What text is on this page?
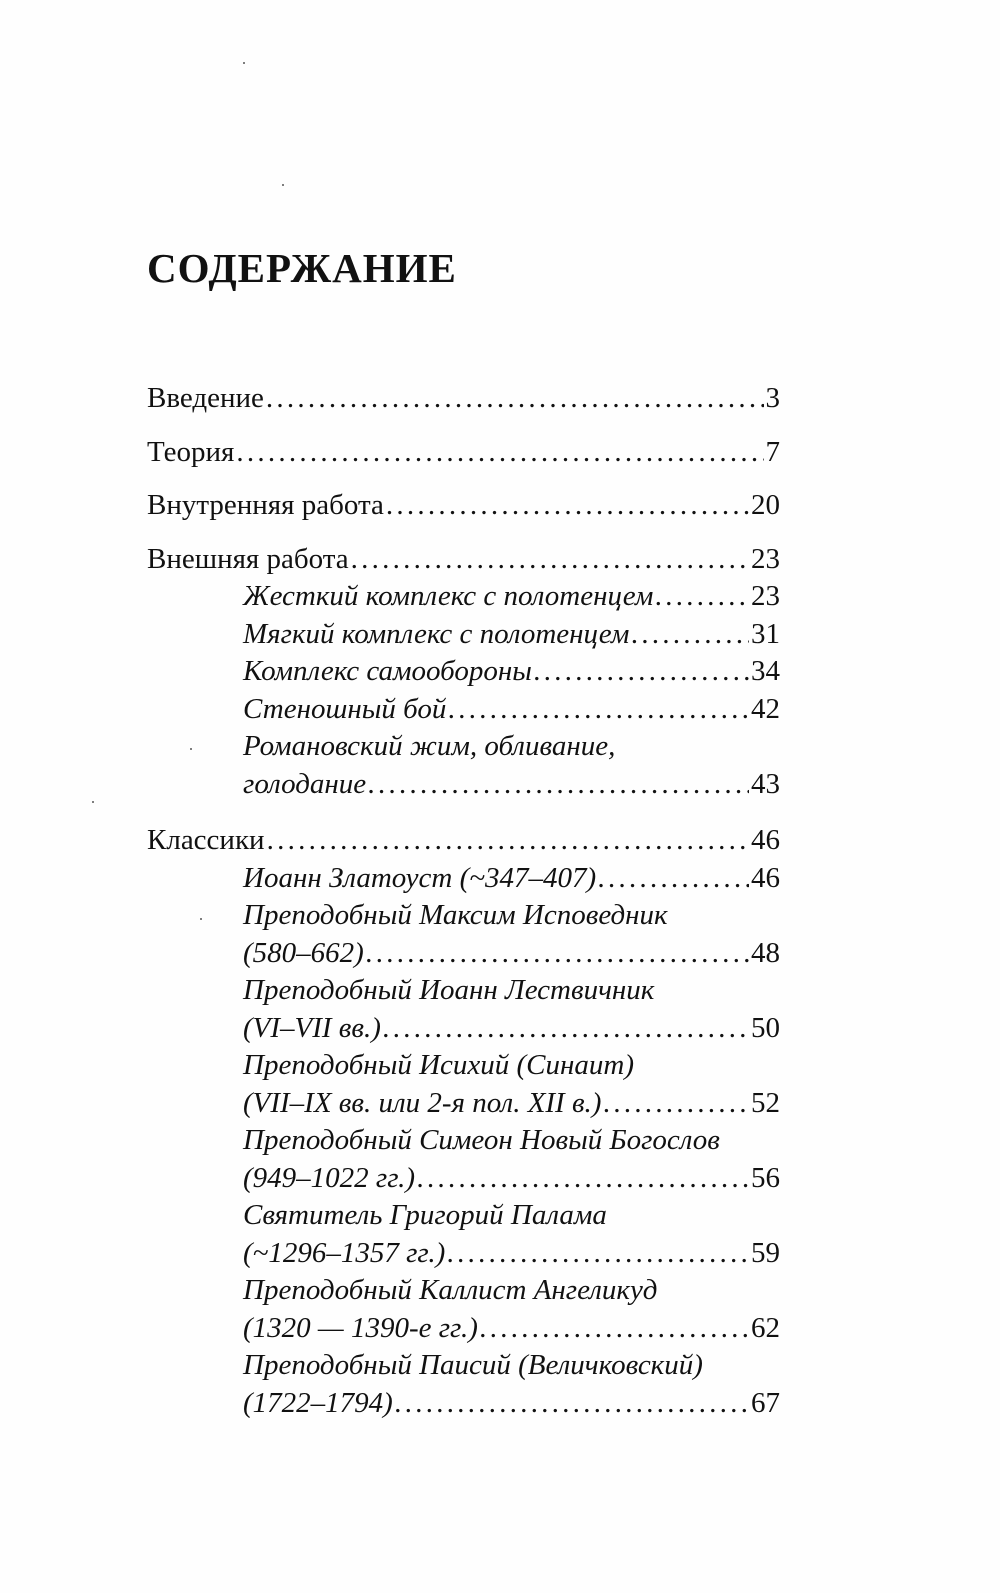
СОДЕРЖАНИЕ
Введение . . .	3
Теория . . .	7
Внутренняя работа . . .	20
Внешняя работа . . .	23
Жесткий комплекс с полотенцем . . .	23
Мягкий комплекс с полотенцем . . .	31
Комплекс самообороны . . .	34
Стеношный бой . . .	42
Романовский жим, обливание,
голодание . . .	43
Классики . . .	46
Иоанн Златоуст (~347–407) . . .	46
Преподобный Максим Исповедник
(580–662) . . .	48
Преподобный Иоанн Лествичник
(VI–VII вв.) . . .	50
Преподобный Исихий (Синаит)
(VII–IX вв. или 2-я пол. XII в.) . . .	52
Преподобный Симеон Новый Богослов
(949–1022 гг.) . . .	56
Святитель Григорий Палама
(~1296–1357 гг.) . . .	59
Преподобный Каллист Ангеликуд
(1320 — 1390-е гг.) . . .	62
Преподобный Паисий (Величковский)
(1722–1794) . . .	67
